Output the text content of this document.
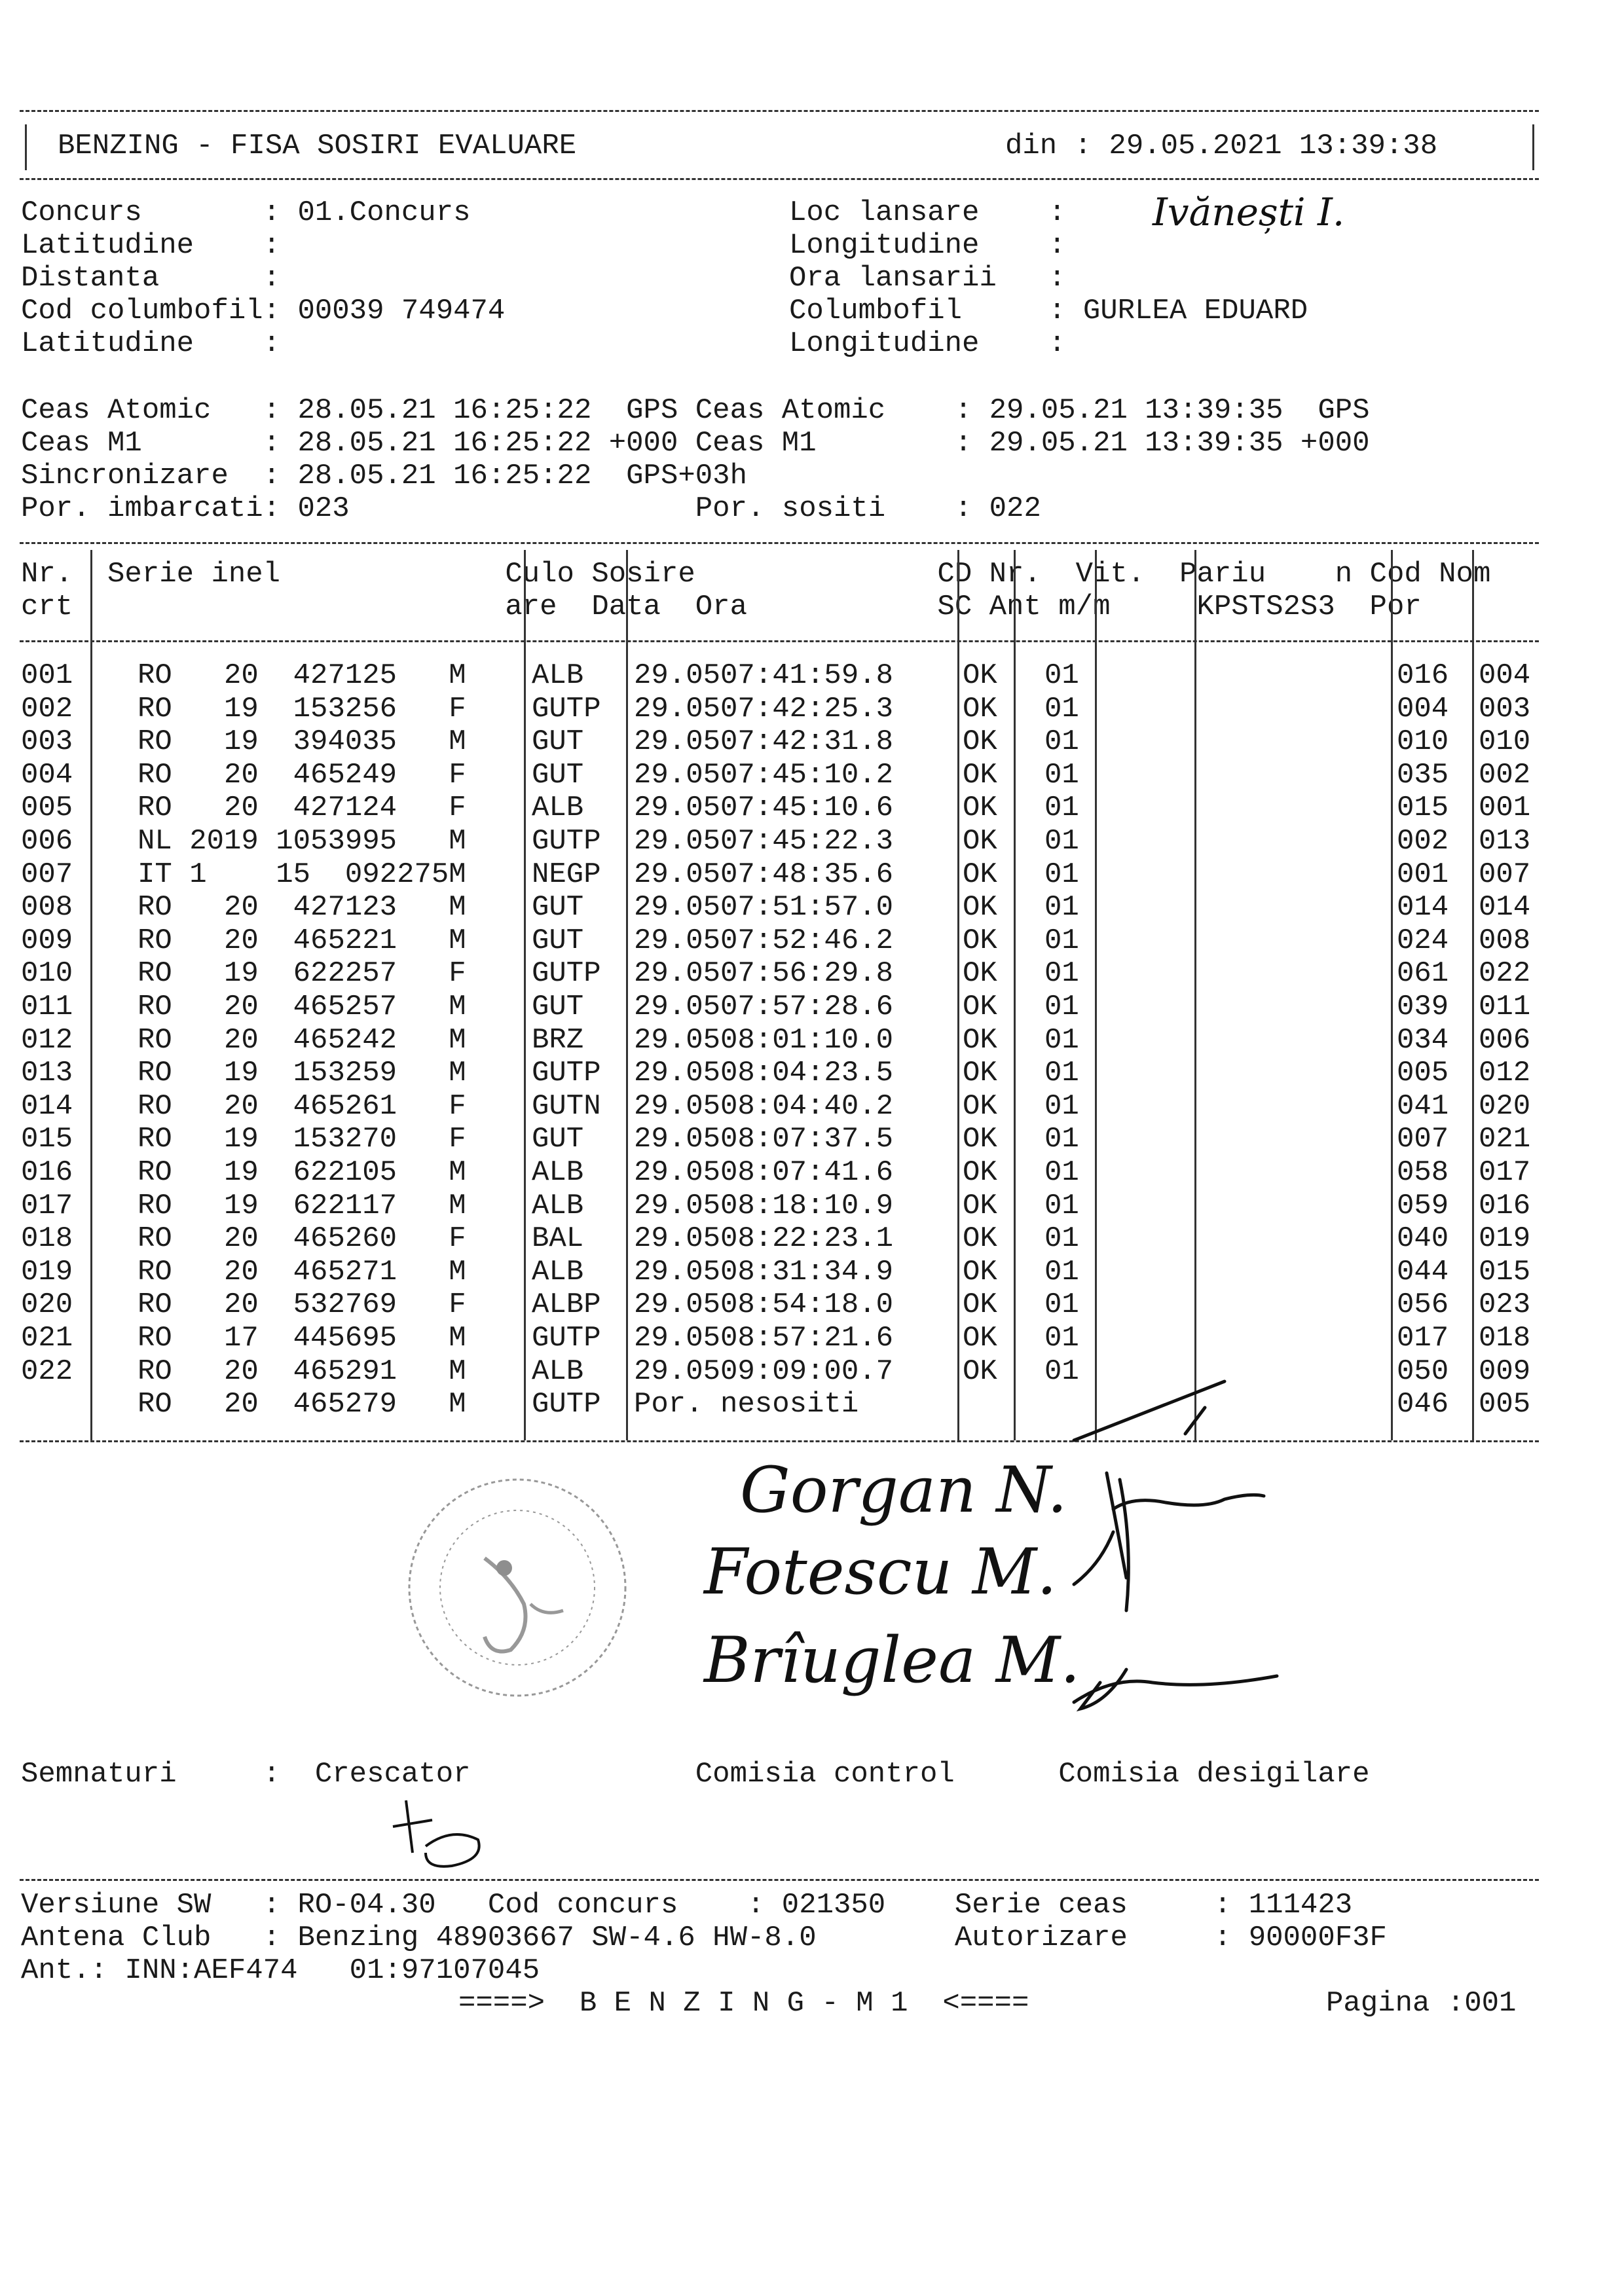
BENZING - FISA SOSIRI EVALUARE	din : 29.05.2021 13:39:38
Concurs       : 01.Concurs
Latitudine    :
Distanta      :
Cod columbofil: 00039 749474
Latitudine    :
Loc lansare    :
Longitudine    :
Ora lansarii   :
Columbofil     : GURLEA EDUARD
Longitudine    :
Ivănești I.
Ceas Atomic   : 28.05.21 16:25:22  GPS Ceas Atomic    : 29.05.21 13:39:35  GPS
Ceas M1       : 28.05.21 16:25:22 +000 Ceas M1        : 29.05.21 13:39:35 +000
Sincronizare  : 28.05.21 16:25:22  GPS+03h
Por. imbarcati: 023                    Por. sositi    : 022
Nr.  Serie inel             Culo Sosire              CD Nr.  Vit.  Pariu    n Cod Nom
crt                         are  Data  Ora           SC Ant m/m     KPSTS2S3  Por
001 RO   20  427125   M ALB 29.05 07:41:59.8 OK 01	016 004
002 RO   19  153256   F GUTP 29.05 07:42:25.3 OK 01	004 003
003 RO   19  394035   M GUT 29.05 07:42:31.8 OK 01	010 010
004 RO   20  465249   F GUT 29.05 07:45:10.2 OK 01	035 002
005 RO   20  427124   F ALB 29.05 07:45:10.6 OK 01	015 001
006 NL 2019 1053995   M GUTP 29.05 07:45:22.3 OK 01	002 013
007 IT 1    15  092275M NEGP 29.05 07:48:35.6 OK 01	001 007
008 RO   20  427123   M GUT 29.05 07:51:57.0 OK 01	014 014
009 RO   20  465221   M GUT 29.05 07:52:46.2 OK 01	024 008
010 RO   19  622257   F GUTP 29.05 07:56:29.8 OK 01	061 022
011 RO   20  465257   M GUT 29.05 07:57:28.6 OK 01	039 011
012 RO   20  465242   M BRZ 29.05 08:01:10.0 OK 01	034 006
013 RO   19  153259   M GUTP 29.05 08:04:23.5 OK 01	005 012
014 RO   20  465261   F GUTN 29.05 08:04:40.2 OK 01	041 020
015 RO   19  153270   F GUT 29.05 08:07:37.5 OK 01	007 021
016 RO   19  622105   M ALB 29.05 08:07:41.6 OK 01	058 017
017 RO   19  622117   M ALB 29.05 08:18:10.9 OK 01	059 016
018 RO   20  465260   F BAL 29.05 08:22:23.1 OK 01	040 019
019 RO   20  465271   M ALB 29.05 08:31:34.9 OK 01	044 015
020 RO   20  532769   F ALBP 29.05 08:54:18.0 OK 01	056 023
021 RO   17  445695   M GUTP 29.05 08:57:21.6 OK 01	017 018
022 RO   20  465291   M ALB 29.05 09:09:00.7 OK 01	050 009
RO   20  465279   M GUTP Por. nesositi	046 005
Gorgan N.
Fotescu M.
Brîuglea M.
Semnaturi     :  Crescator             Comisia control      Comisia desigilare
Versiune SW   : RO-04.30   Cod concurs    : 021350    Serie ceas     : 111423
Antena Club   : Benzing 48903667 SW-4.6 HW-8.0        Autorizare     : 90000F3F
Ant.: INN:AEF474   01:97107045
====>  B E N Z I N G - M 1  <====	Pagina :001
